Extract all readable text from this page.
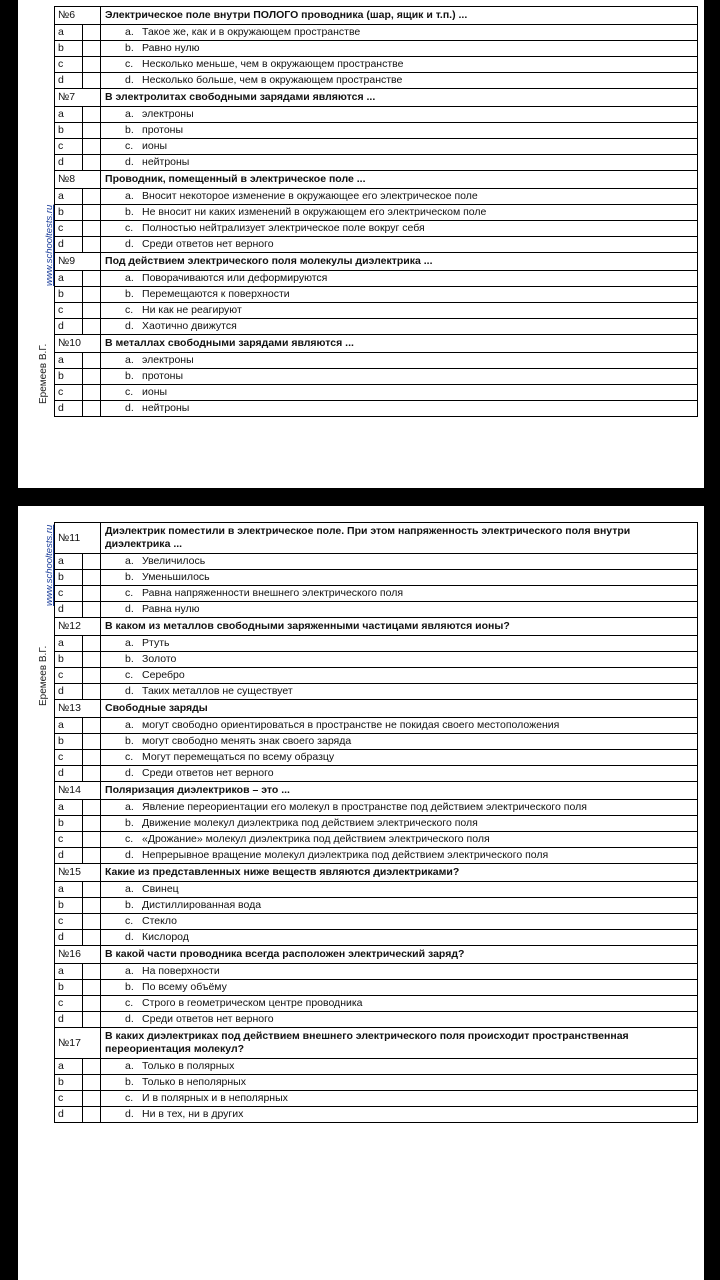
№6		Электрическое поле внутри ПОЛОГО проводника (шар, ящик и т.п.) ...
a		a. Такое же, как и в окружающем пространстве
b		b. Равно нулю
c		c. Несколько меньше, чем в окружающем пространстве
d		d. Несколько больше, чем в окружающем пространстве
№7		В электролитах свободными зарядами являются ...
a		a. электроны
b		b. протоны
c		c. ионы
d		d. нейтроны
№8		Проводник, помещенный в электрическое поле ...
a		a. Вносит некоторое изменение в окружающее его электрическое поле
b		b. Не вносит ни каких изменений в окружающем его электрическом поле
c		c. Полностью нейтрализует электрическое поле вокруг себя
d		d. Среди ответов нет верного
№9		Под действием электрического поля молекулы диэлектрика ...
a		a. Поворачиваются или деформируются
b		b. Перемещаются к поверхности
c		c. Ни как не реагируют
d		d. Хаотично движутся
№10		В металлах свободными зарядами являются ...
a		a. электроны
b		b. протоны
c		c. ионы
d		d. нейтроны
www.schooltests.ru
Еремеев В.Г.
№11		Диэлектрик поместили в электрическое поле. При этом напряженность электрического поля внутри диэлектрика ...
a		a. Увеличилось
b		b. Уменьшилось
c		c. Равна напряженности внешнего электрического поля
d		d. Равна нулю
№12		В каком из металлов свободными заряженными частицами являются ионы?
a		a. Ртуть
b		b. Золото
c		c. Серебро
d		d. Таких металлов не существует
№13		Свободные заряды
a		a. могут свободно ориентироваться в пространстве не покидая своего местоположения
b		b. могут свободно менять знак своего заряда
c		c. Могут перемещаться по всему образцу
d		d. Среди ответов нет верного
№14		Поляризация диэлектриков – это ...
a		a. Явление переориентации его молекул в пространстве под действием электрического поля
b		b. Движение молекул диэлектрика под действием электрического поля
c		c. «Дрожание» молекул диэлектрика под действием электрического поля
d		d. Непрерывное вращение молекул диэлектрика под действием электрического поля
№15		Какие из представленных ниже веществ являются диэлектриками?
a		a. Свинец
b		b. Дистиллированная вода
c		c. Стекло
d		d. Кислород
№16		В какой части проводника всегда расположен электрический заряд?
a		a. На поверхности
b		b. По всему объёму
c		c. Строго в геометрическом центре проводника
d		d. Среди ответов нет верного
№17		В каких диэлектриках под действием внешнего электрического поля происходит пространственная переориентация молекул?
a		a. Только в полярных
b		b. Только в неполярных
c		c. И в полярных и в неполярных
d		d. Ни в тех, ни в других
www.schooltests.ru
Еремеев В.Г.
